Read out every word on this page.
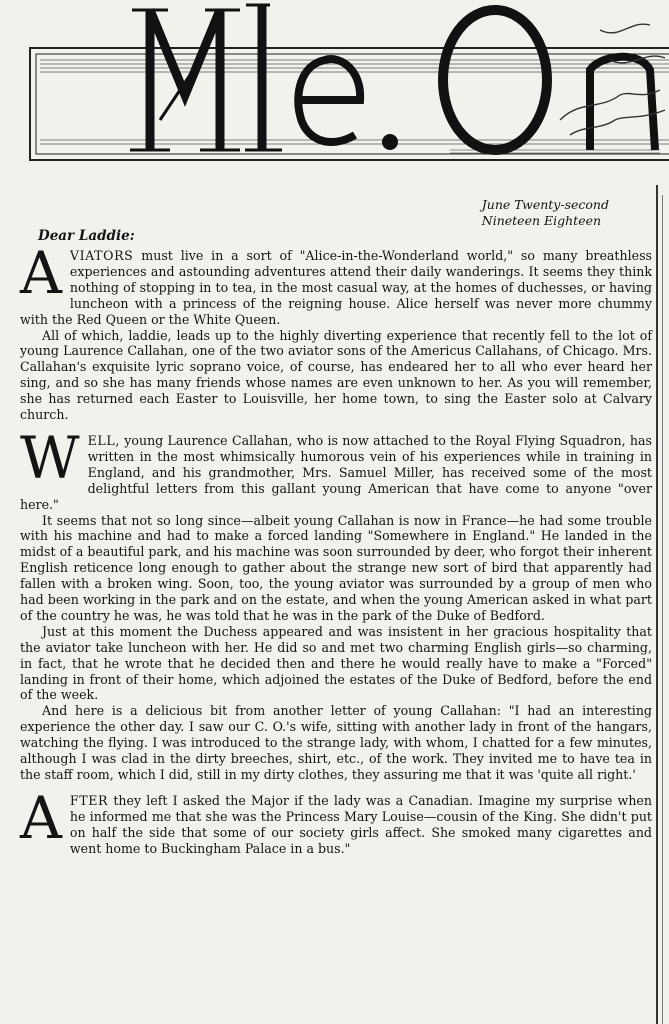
June Twenty-second
Nineteen Eighteen
Dear Laddie:

AVIATORS must live in a sort of "Alice-in-the-Wonderland world," so many breathless experiences and astounding adventures attend their daily wanderings. It seems they think nothing of stopping in to tea, in the most casual way, at the homes of duchesses, or having luncheon with a princess of the reigning house. Alice herself was never more chummy with the Red Queen or the White Queen.

All of which, laddie, leads up to the highly diverting experience that recently fell to the lot of young Laurence Callahan, one of the two aviator sons of the Americus Callahans, of Chicago. Mrs. Callahan's exquisite lyric soprano voice, of course, has endeared her to all who ever heard her sing, and so she has many friends whose names are even unknown to her. As you will remember, she has returned each Easter to Louisville, her home town, to sing the Easter solo at Calvary church.

WELL, young Laurence Callahan, who is now attached to the Royal Flying Squadron, has written in the most whimsically humorous vein of his experiences while in training in England, and his grandmother, Mrs. Samuel Miller, has received some of the most delightful letters from this gallant young American that have come to anyone "over here."

It seems that not so long since—albeit young Callahan is now in France—he had some trouble with his machine and had to make a forced landing "Somewhere in England." He landed in the midst of a beautiful park, and his machine was soon surrounded by deer, who forgot their inherent English reticence long enough to gather about the strange new sort of bird that apparently had fallen with a broken wing. Soon, too, the young aviator was surrounded by a group of men who had been working in the park and on the estate, and when the young American asked in what part of the country he was, he was told that he was in the park of the Duke of Bedford.

Just at this moment the Duchess appeared and was insistent in her gracious hospitality that the aviator take luncheon with her. He did so and met two charming English girls—so charming, in fact, that he wrote that he decided then and there he would really have to make a "Forced" landing in front of their home, which adjoined the estates of the Duke of Bedford, before the end of the week.

And here is a delicious bit from another letter of young Callahan: "I had an interesting experience the other day. I saw our C. O.'s wife, sitting with another lady in front of the hangars, watching the flying. I was introduced to the strange lady, with whom, I chatted for a few minutes, although I was clad in the dirty breeches, shirt, etc., of the work. They invited me to have tea in the staff room, which I did, still in my dirty clothes, they assuring me that it was 'quite all right.'

AFTER they left I asked the Major if the lady was a Canadian. Imagine my surprise when he informed me that she was the Princess Mary Louise—cousin of the King. She didn't put on half the side that some of our society girls affect. She smoked many cigarettes and went home to Buckingham Palace in a bus."
